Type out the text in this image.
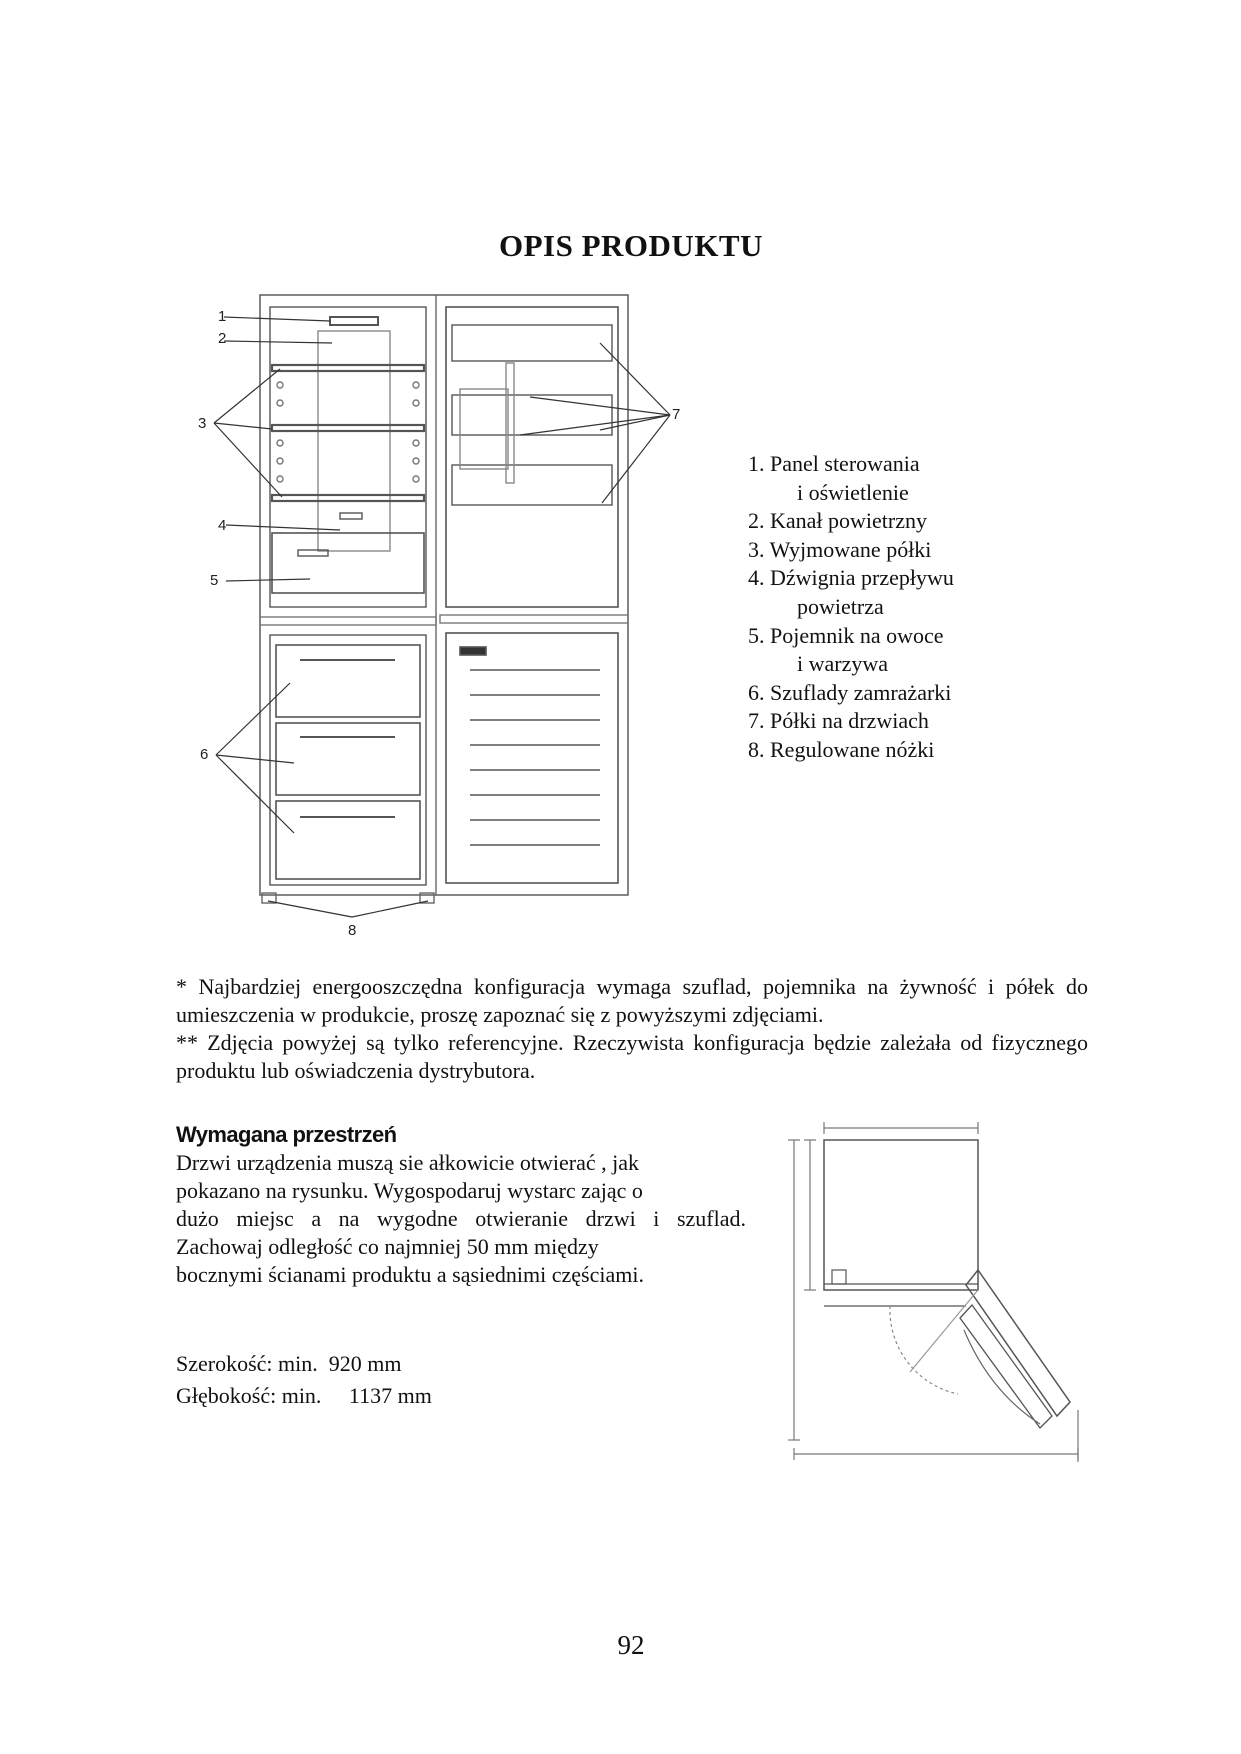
OPIS PRODUKTU
1
2
3
4
5
6
7
8
1. Panel sterowania
i oświetlenie
2. Kanał powietrzny
3. Wyjmowane półki
4. Dźwignia przepływu
powietrza
5. Pojemnik na owoce
i warzywa
6. Szuflady zamrażarki
7. Półki na drzwiach
8. Regulowane nóżki

* Najbardziej energooszczędna konfiguracja wymaga szuflad, pojemnika na żywność i półek do umieszczenia w produkcie, proszę zapoznać się z powyższymi zdjęciami.

** Zdjęcia powyżej są tylko referencyjne. Rzeczywista konfiguracja będzie zależała od fizycznego produktu lub oświadczenia dystrybutora.

Wymagana przestrzeń
Drzwi urządzenia muszą sie ałkowicie otwierać , jak
pokazano na rysunku. Wygospodaruj wystarc zając o
dużo miejsc a na wygodne otwieranie drzwi i szuflad.
Zachowaj odległość co najmniej 50 mm między
bocznymi ścianami produktu a sąsiednimi częściami.
Szerokość: min.  920 mm
Głębokość: min.     1137 mm
92
